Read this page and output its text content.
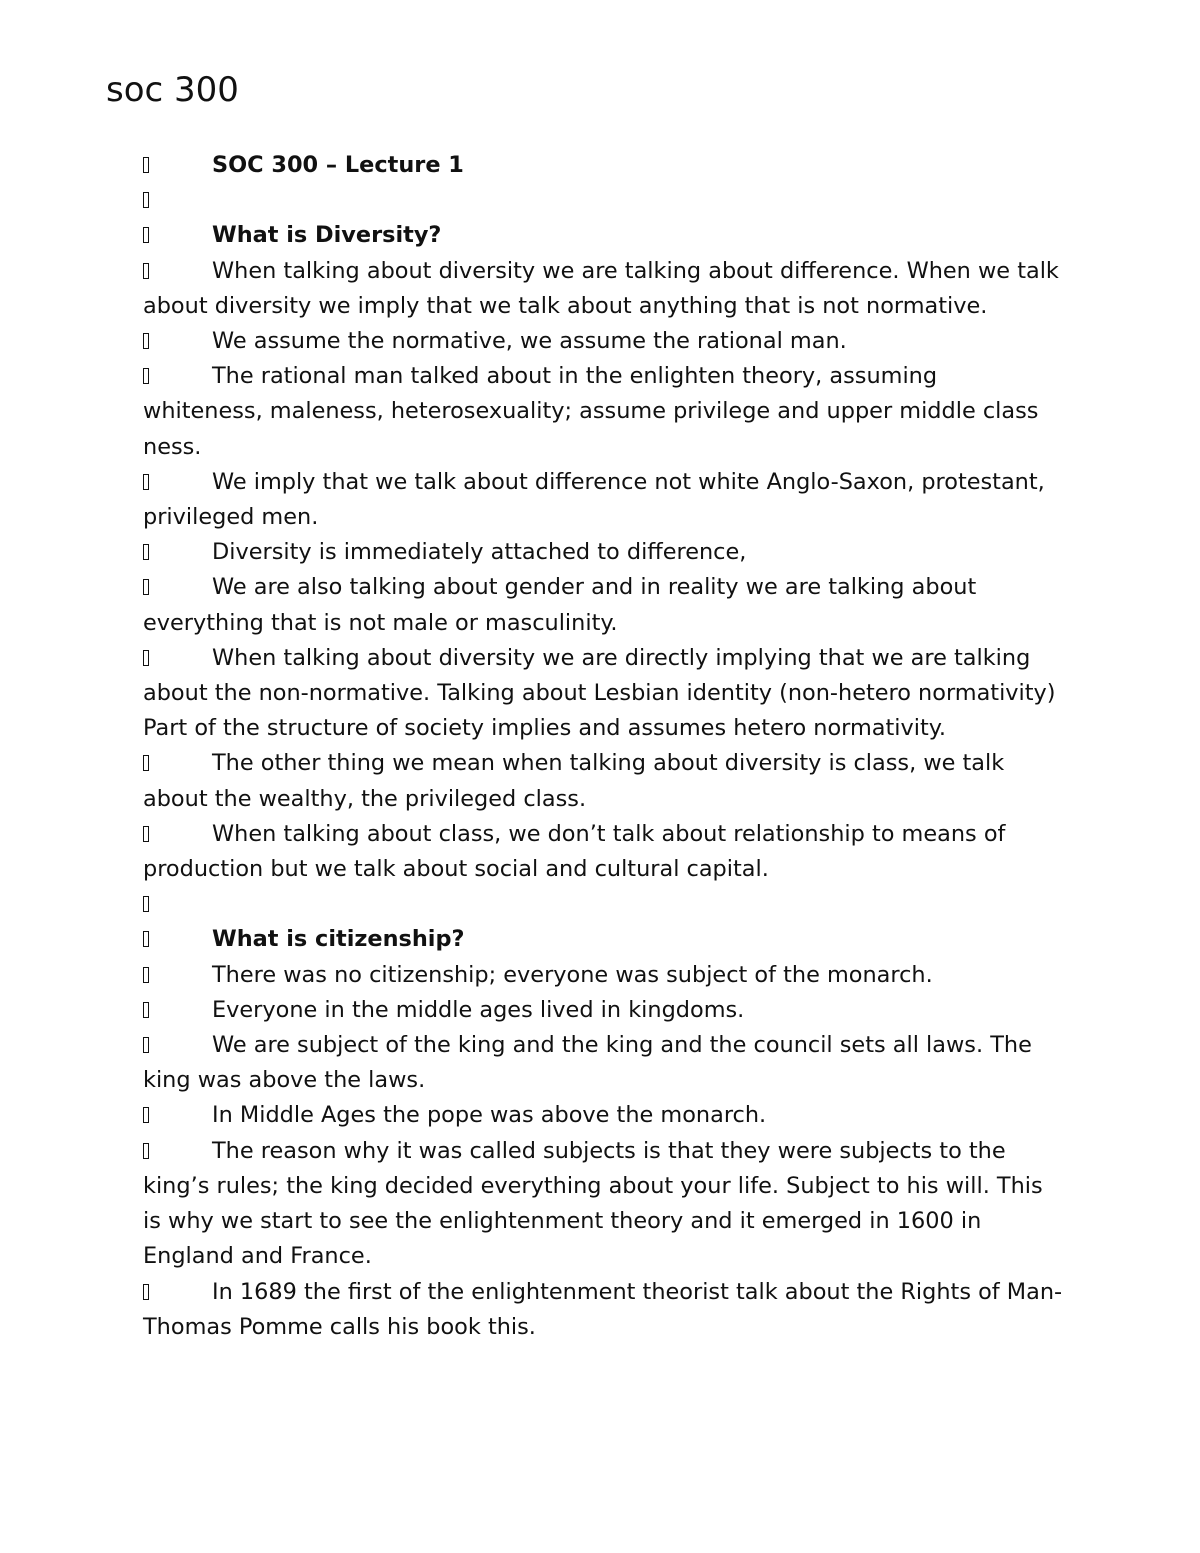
soc 300

SOC 300 – Lecture 1

What is Diversity?

When talking about diversity we are talking about difference. When we talk about diversity we imply that we talk about anything that is not normative.

We assume the normative, we assume the rational man.

The rational man talked about in the enlighten theory, assuming whiteness, maleness, heterosexuality; assume privilege and upper middle class ness.

We imply that we talk about difference not white Anglo-Saxon, protestant, privileged men.

Diversity is immediately attached to difference,

We are also talking about gender and in reality we are talking about everything that is not male or masculinity.

When talking about diversity we are directly implying that we are talking about the non-normative. Talking about Lesbian identity (non-hetero normativity) Part of the structure of society implies and assumes hetero normativity.

The other thing we mean when talking about diversity is class, we talk about the wealthy, the privileged class.

When talking about class, we don’t talk about relationship to means of production but we talk about social and cultural capital.

What is citizenship?

There was no citizenship; everyone was subject of the monarch.

Everyone in the middle ages lived in kingdoms.

We are subject of the king and the king and the council sets all laws. The king was above the laws.

In Middle Ages the pope was above the monarch.

The reason why it was called subjects is that they were subjects to the king’s rules; the king decided everything about your life. Subject to his will. This is why we start to see the enlightenment theory and it emerged in 1600 in England and France.

In 1689 the first of the enlightenment theorist talk about the Rights of Man- Thomas Pomme calls his book this.
